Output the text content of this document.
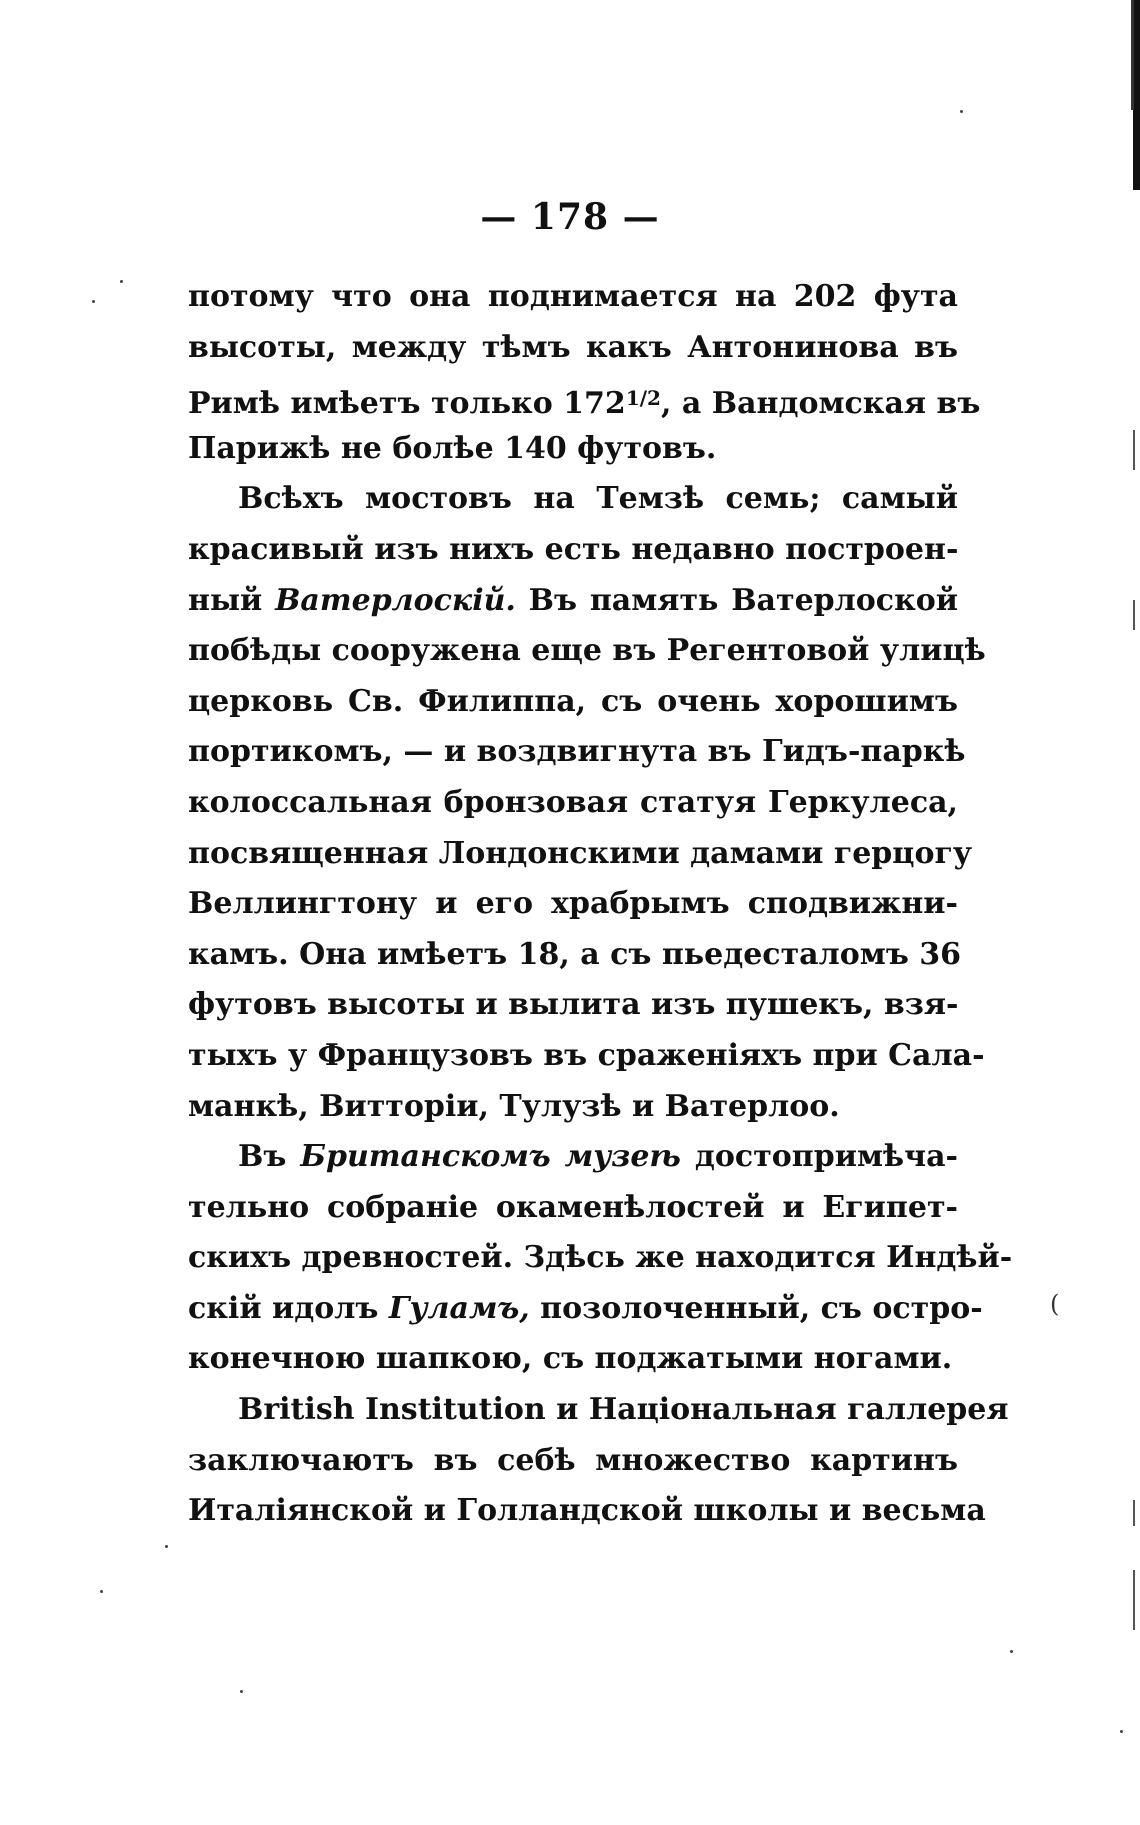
— 178 —
потому что она поднимается на 202 фута
высоты, между тѣмъ какъ Антонинова въ
Римѣ имѣетъ только $172^{1/2}$, а Вандомская въ
Парижѣ не болѣе 140 футовъ.
Всѣхъ мостовъ на Темзѣ семь; самый
красивый изъ нихъ есть недавно построен-
ный Ватерлоскій. Въ память Ватерлоской
побѣды сооружена еще въ Регентовой улицѣ
церковь Св. Филиппа, съ очень хорошимъ
портикомъ, — и воздвигнута въ Гидъ-паркѣ
колоссальная бронзовая статуя Геркулеса,
посвященная Лондонскими дамами герцогу
Веллингтону и его храбрымъ сподвижни-
камъ. Она имѣетъ 18, а съ пьедесталомъ 36
футовъ высоты и вылита изъ пушекъ, взя-
тыхъ у Французовъ въ сраженіяхъ при Сала-
манкѣ, Витторіи, Тулузѣ и Ватерлоо.
Въ Британскомъ музеѣ достопримѣча-
тельно собраніе окаменѣлостей и Египет-
скихъ древностей. Здѣсь же находится Индѣй-
скій идолъ Гуламъ, позолоченный, съ остро-
конечною шапкою, съ поджатыми ногами.
British Institution и Національная галлерея
заключаютъ въ себѣ множество картинъ
Италіянской и Голландской школы и весьма
(
